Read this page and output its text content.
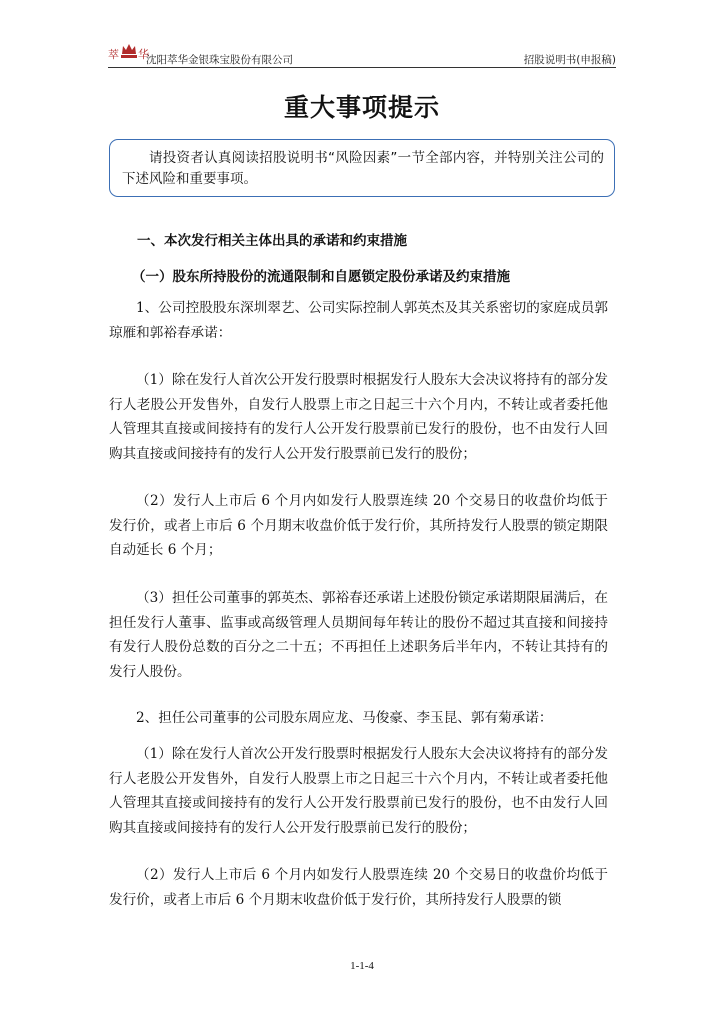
萃 华
沈阳萃华金银珠宝股份有限公司	招股说明书(申报稿)
重大事项提示
请投资者认真阅读招股说明书“风险因素”一节全部内容，并特别关注公司的下述风险和重要事项。
一、本次发行相关主体出具的承诺和约束措施
（一）股东所持股份的流通限制和自愿锁定股份承诺及约束措施

1、公司控股股东深圳翠艺、公司实际控制人郭英杰及其关系密切的家庭成员郭琼雁和郭裕春承诺：

（1）除在发行人首次公开发行股票时根据发行人股东大会决议将持有的部分发行人老股公开发售外，自发行人股票上市之日起三十六个月内，不转让或者委托他人管理其直接或间接持有的发行人公开发行股票前已发行的股份，也不由发行人回购其直接或间接持有的发行人公开发行股票前已发行的股份；

（2）发行人上市后 6 个月内如发行人股票连续 20 个交易日的收盘价均低于发行价，或者上市后 6 个月期末收盘价低于发行价，其所持发行人股票的锁定期限自动延长 6 个月；

（3）担任公司董事的郭英杰、郭裕春还承诺上述股份锁定承诺期限届满后，在担任发行人董事、监事或高级管理人员期间每年转让的股份不超过其直接和间接持有发行人股份总数的百分之二十五；不再担任上述职务后半年内，不转让其持有的发行人股份。

2、担任公司董事的公司股东周应龙、马俊豪、李玉昆、郭有菊承诺：

（1）除在发行人首次公开发行股票时根据发行人股东大会决议将持有的部分发行人老股公开发售外，自发行人股票上市之日起三十六个月内，不转让或者委托他人管理其直接或间接持有的发行人公开发行股票前已发行的股份，也不由发行人回购其直接或间接持有的发行人公开发行股票前已发行的股份；

（2）发行人上市后 6 个月内如发行人股票连续 20 个交易日的收盘价均低于发行价，或者上市后 6 个月期末收盘价低于发行价，其所持发行人股票的锁

1-1-4
